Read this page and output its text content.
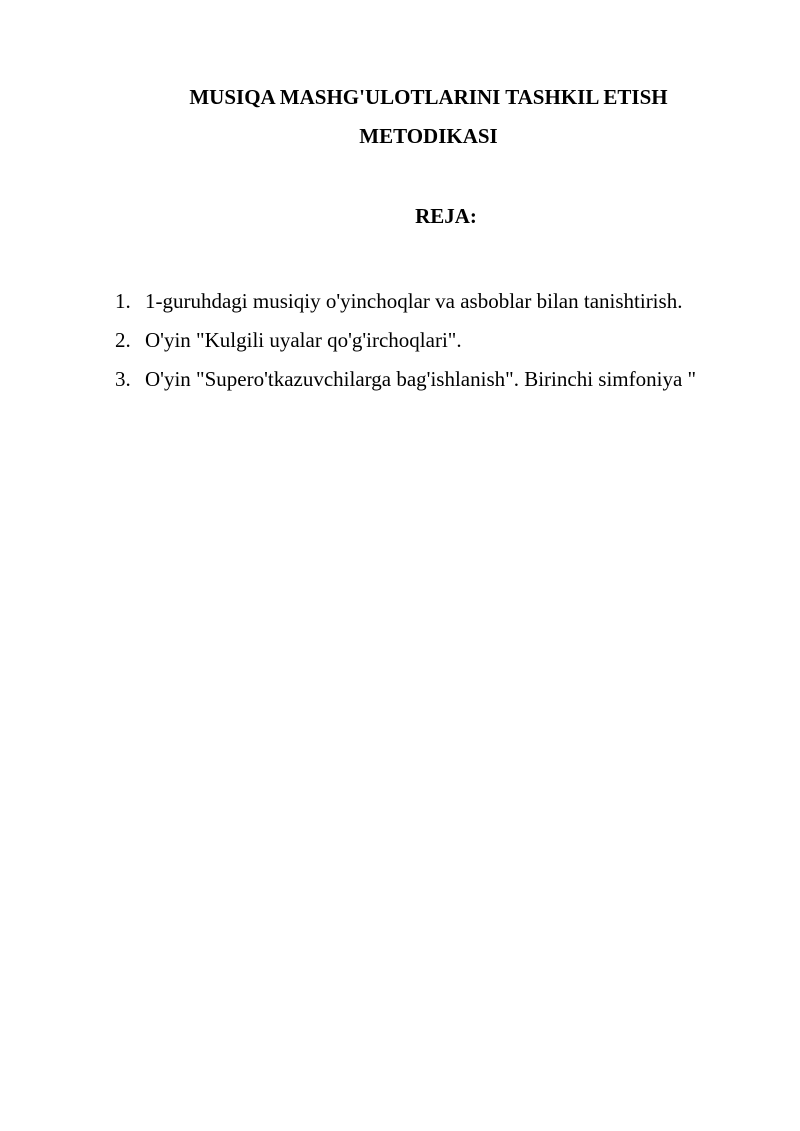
MUSIQA MASHG'ULOTLARINI TASHKIL ETISH
METODIKASI
REJA:
1. 1-guruhdagi musiqiy o'yinchoqlar va asboblar bilan tanishtirish.
2. O'yin "Kulgili uyalar qo'g'irchoqlari".
3. O'yin "Supero'tkazuvchilarga bag'ishlanish". Birinchi simfoniya "
